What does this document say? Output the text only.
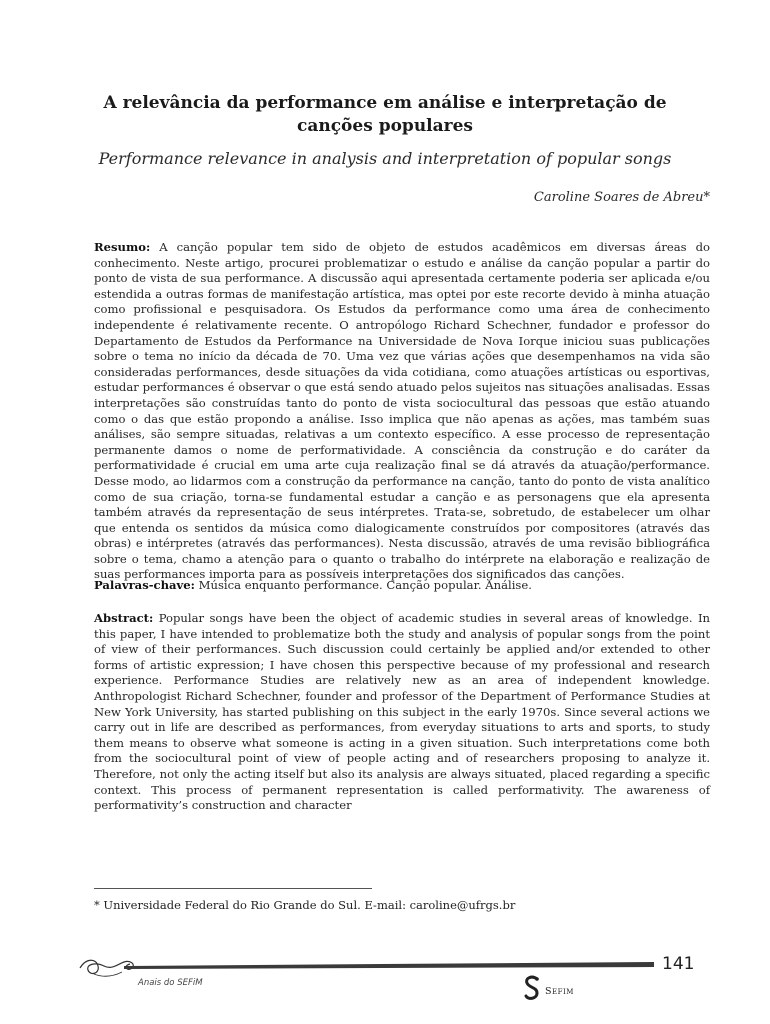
A relevância da performance em análise e interpretação de canções populares
Performance relevance in analysis and interpretation of popular songs
Caroline Soares de Abreu*

Resumo: A canção popular tem sido de objeto de estudos acadêmicos em diversas áreas do conhecimento. Neste artigo, procurei problematizar o estudo e análise da canção popular a partir do ponto de vista de sua performance. A discussão aqui apresentada certamente poderia ser aplicada e/ou estendida a outras formas de manifestação artística, mas optei por este recorte devido à minha atuação como profissional e pesquisadora. Os Estudos da performance como uma área de conhecimento independente é relativamente recente. O antropólogo Richard Schechner, fundador e professor do Departamento de Estudos da Performance na Universidade de Nova Iorque iniciou suas publicações sobre o tema no início da década de 70. Uma vez que várias ações que desempenhamos na vida são consideradas performances, desde situações da vida cotidiana, como atuações artísticas ou esportivas, estudar performances é observar o que está sendo atuado pelos sujeitos nas situações analisadas. Essas interpretações são construídas tanto do ponto de vista sociocultural das pessoas que estão atuando como o das que estão propondo a análise. Isso implica que não apenas as ações, mas também suas análises, são sempre situadas, relativas a um contexto específico. A esse processo de representação permanente damos o nome de performatividade. A consciência da construção e do caráter da performatividade é crucial em uma arte cuja realização final se dá através da atuação/performance. Desse modo, ao lidarmos com a construção da performance na canção, tanto do ponto de vista analítico como de sua criação, torna-se fundamental estudar a canção e as personagens que ela apresenta também através da representação de seus intérpretes. Trata-se, sobretudo, de estabelecer um olhar que entenda os sentidos da música como dialogicamente construídos por compositores (através das obras) e intérpretes (através das performances). Nesta discussão, através de uma revisão bibliográfica sobre o tema, chamo a atenção para o quanto o trabalho do intérprete na elaboração e realização de suas performances importa para as possíveis interpretações dos significados das canções.

Palavras-chave: Música enquanto performance. Canção popular. Análise.

Abstract: Popular songs have been the object of academic studies in several areas of knowledge. In this paper, I have intended to problematize both the study and analysis of popular songs from the point of view of their performances. Such discussion could certainly be applied and/or extended to other forms of artistic expression; I have chosen this perspective because of my professional and research experience. Performance Studies are relatively new as an area of independent knowledge. Anthropologist Richard Schechner, founder and professor of the Department of Performance Studies at New York University, has started publishing on this subject in the early 1970s. Since several actions we carry out in life are described as performances, from everyday situations to arts and sports, to study them means to observe what someone is acting in a given situation. Such interpretations come both from the sociocultural point of view of people acting and of researchers proposing to analyze it. Therefore, not only the acting itself but also its analysis are always situated, placed regarding a specific context. This process of permanent representation is called performativity. The awareness of performativity’s construction and character

* Universidade Federal do Rio Grande do Sul. E-mail: caroline@ufrgs.br
141
Anais do SEFiM
Sefim
